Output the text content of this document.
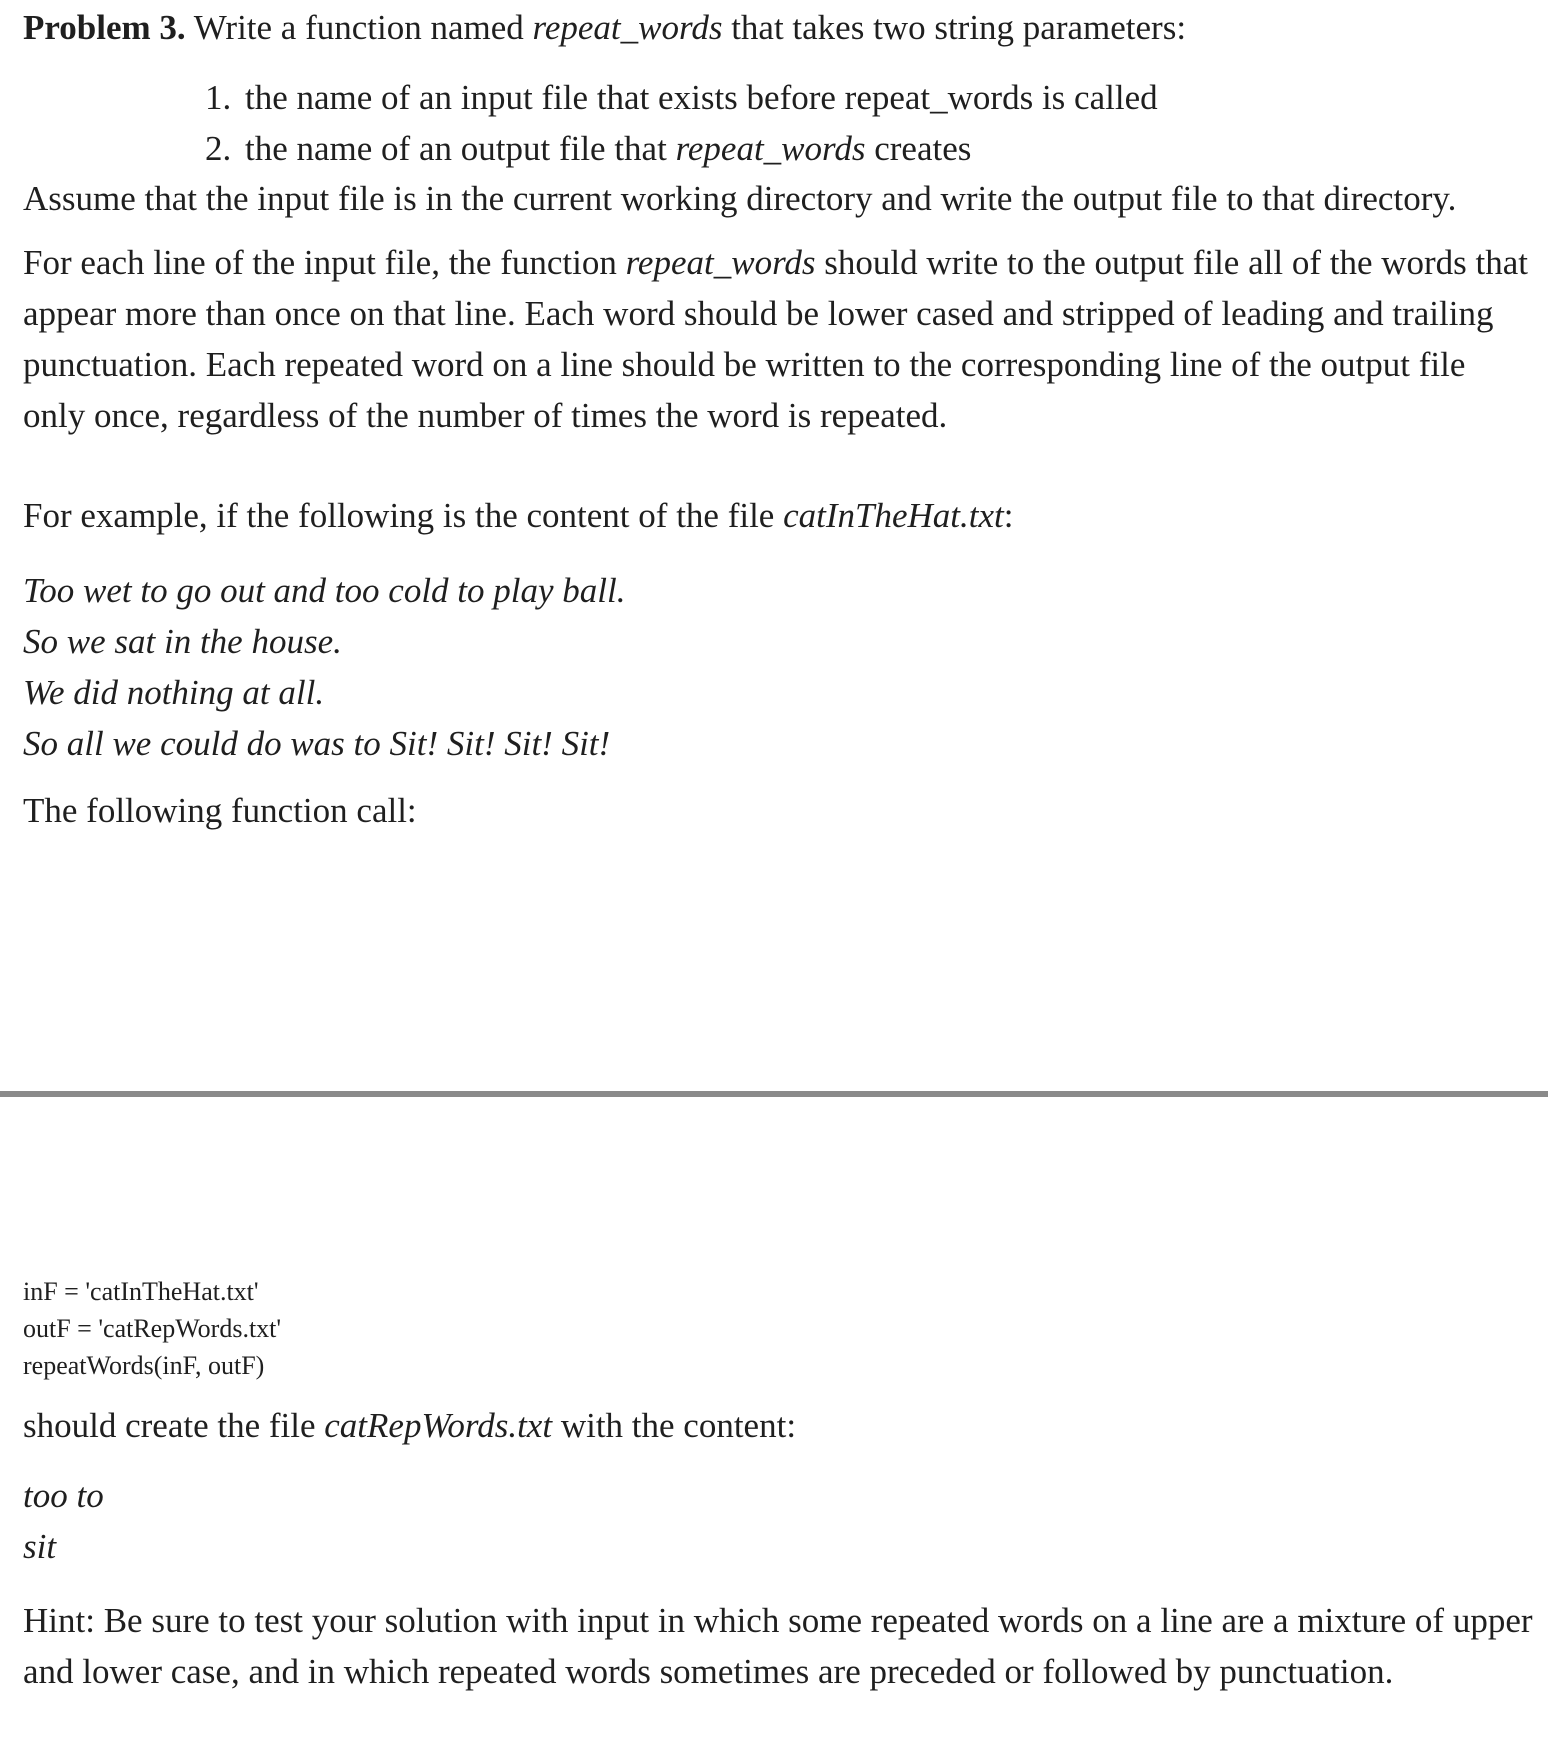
Problem 3. Write a function named repeat_words that takes two string parameters:

1. the name of an input file that exists before repeat_words is called
2. the name of an output file that repeat_words creates

Assume that the input file is in the current working directory and write the output file to that directory.

For each line of the input file, the function repeat_words should write to the output file all of the words that appear more than once on that line. Each word should be lower cased and stripped of leading and trailing punctuation. Each repeated word on a line should be written to the corresponding line of the output file only once, regardless of the number of times the word is repeated.

For example, if the following is the content of the file catInTheHat.txt:

Too wet to go out and too cold to play ball.
So we sat in the house.
We did nothing at all.
So all we could do was to Sit! Sit! Sit! Sit!

The following function call:

inF = 'catInTheHat.txt'
outF = 'catRepWords.txt'
repeatWords(inF, outF)

should create the file catRepWords.txt with the content:

too to
sit

Hint: Be sure to test your solution with input in which some repeated words on a line are a mixture of upper and lower case, and in which repeated words sometimes are preceded or followed by punctuation.
